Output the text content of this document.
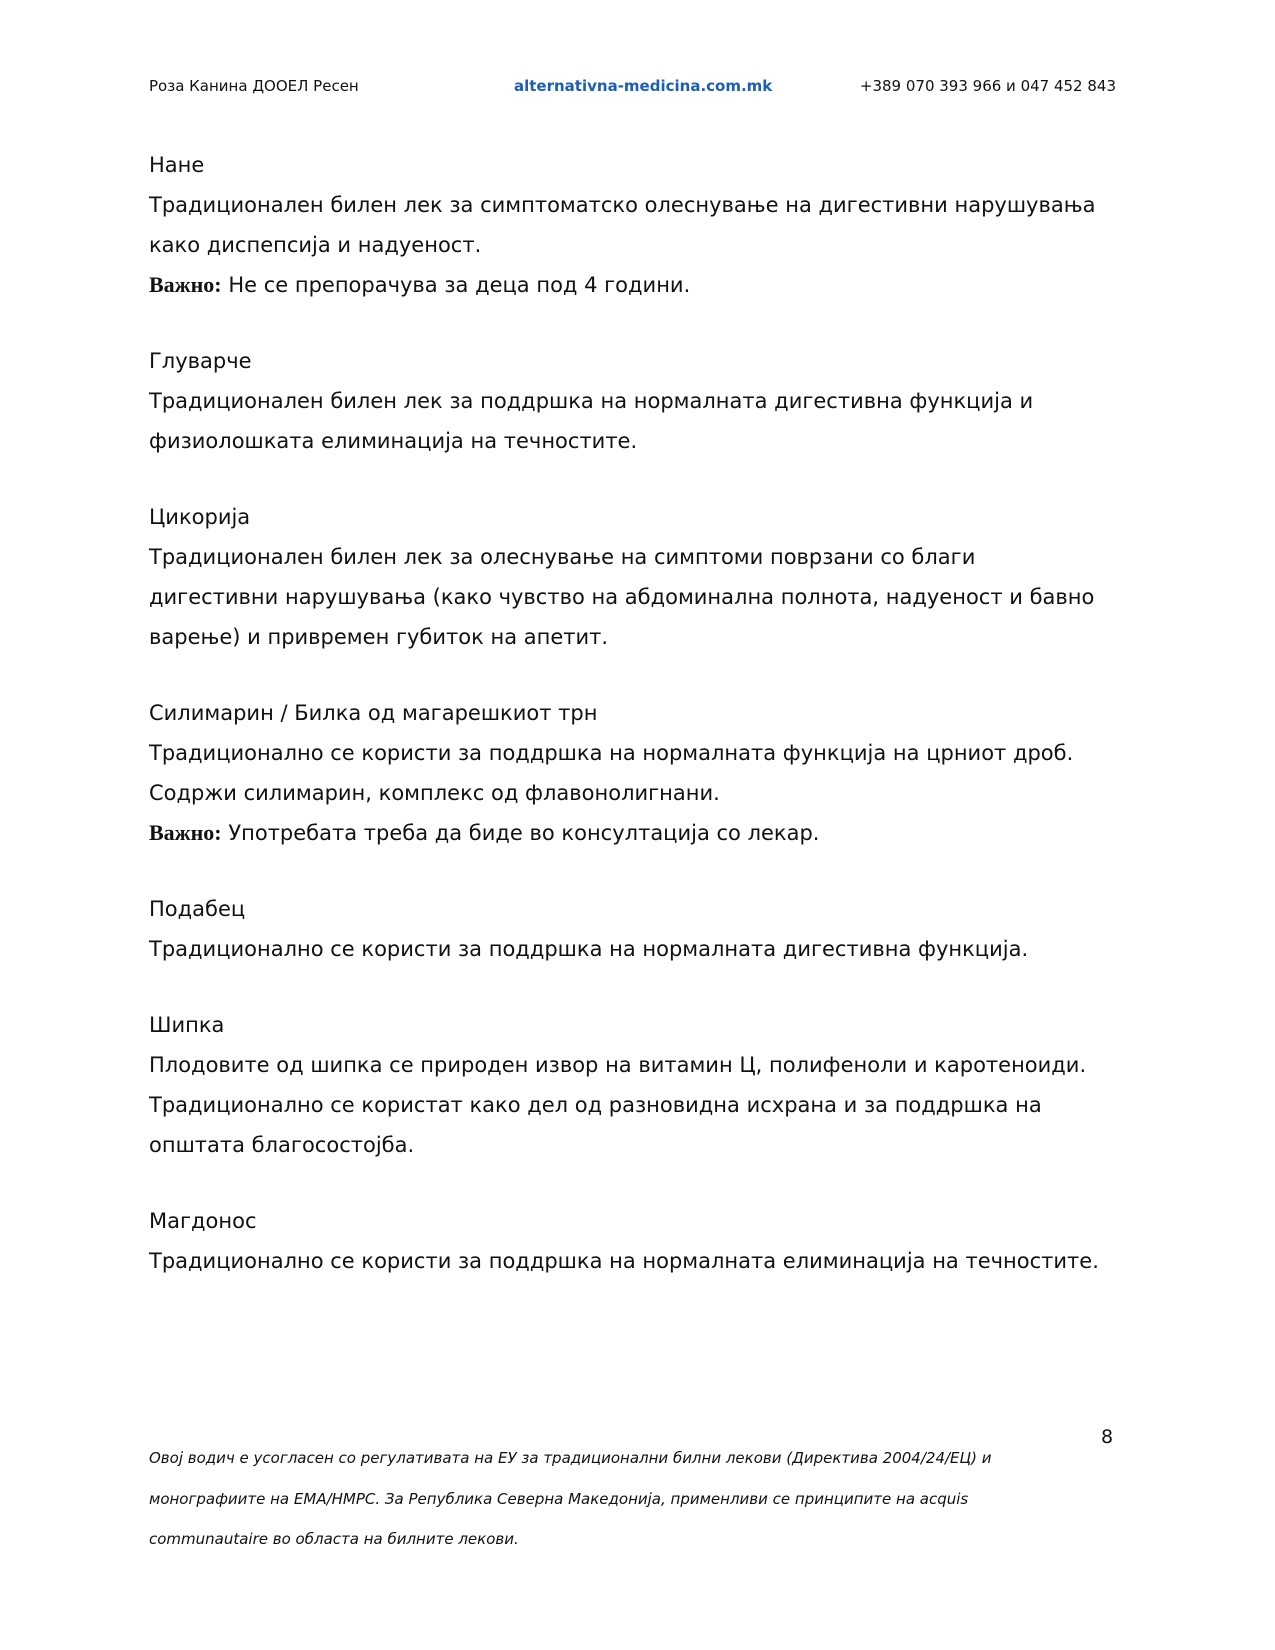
Роза Канина ДООЕЛ Ресен	alternativna-medicina.com.mk	+389 070 393 966 и 047 452 843
Нане
Традиционален билен лек за симптоматско олеснување на дигестивни нарушувања
како диспепсија и надуеност.
Важно: Не се препорачува за деца под 4 години.
Глуварче
Традиционален билен лек за поддршка на нормалната дигестивна функција и
физиолошката елиминација на течностите.
Цикорија
Традиционален билен лек за олеснување на симптоми поврзани со благи
дигестивни нарушувања (како чувство на абдоминална полнота, надуеност и бавно
варење) и привремен губиток на апетит.
Силимарин / Билка од магарешкиот трн
Традиционално се користи за поддршка на нормалната функција на црниот дроб.
Содржи силимарин, комплекс од флавонолигнани.
Важно: Употребата треба да биде во консултација со лекар.
Подабец
Традиционално се користи за поддршка на нормалната дигестивна функција.
Шипка
Плодовите од шипка се природен извор на витамин Ц, полифеноли и каротеноиди.
Традиционално се користат како дел од разновидна исхрана и за поддршка на
општата благосостојба.
Магдонос
Традиционално се користи за поддршка на нормалната елиминација на течностите.
8
Овој водич е усогласен со регулативата на ЕУ за традиционални билни лекови (Директива 2004/24/ЕЦ) и
монографиите на ЕМА/НМРС. За Република Северна Македонија, применливи се принципите на acquis
communautaire во областа на билните лекови.
